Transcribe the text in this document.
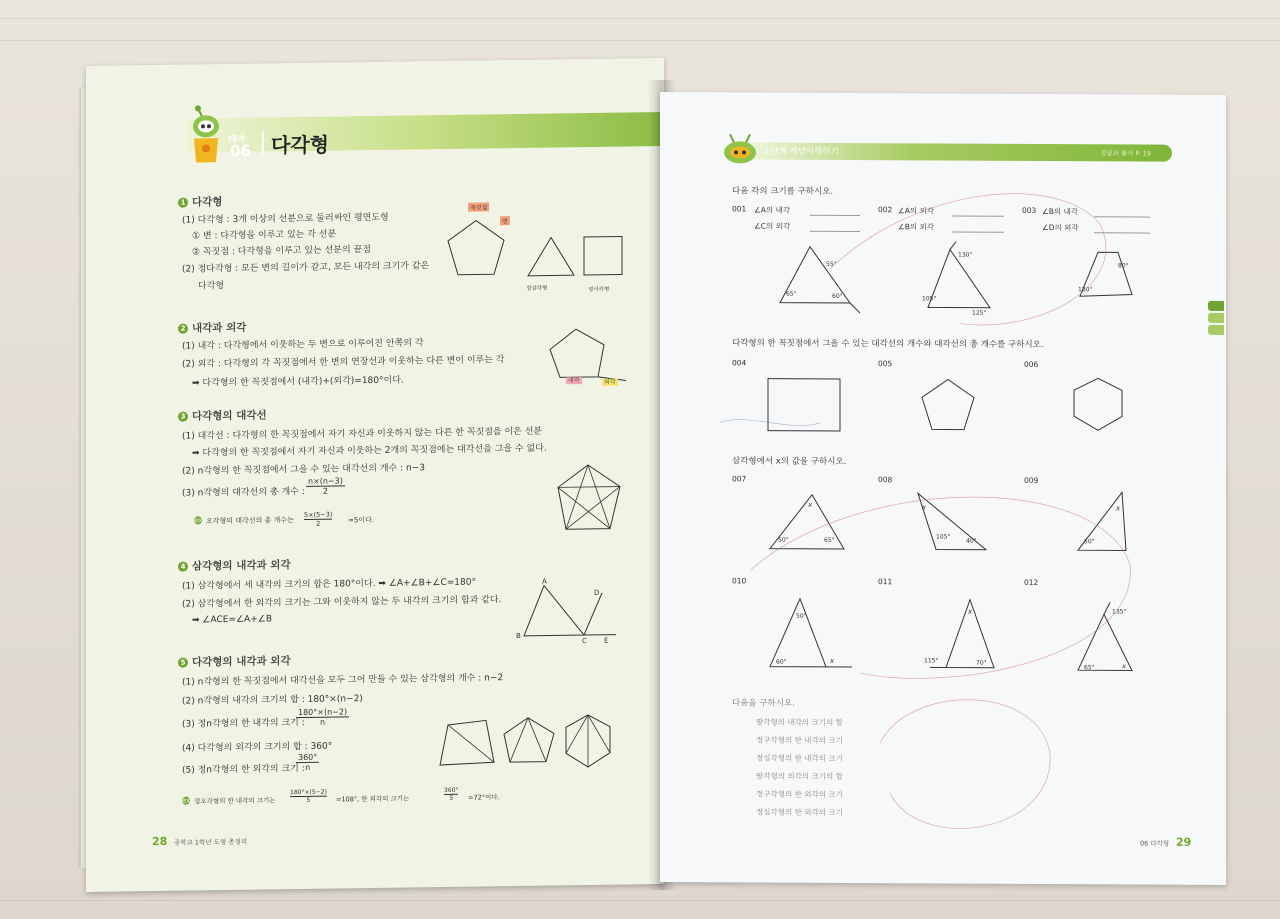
테마
06 다각형
1 다각형
(1) 다각형 : 3개 이상의 선분으로 둘러싸인 평면도형
① 변 : 다각형을 이루고 있는 각 선분
② 꼭짓점 : 다각형을 이루고 있는 선분의 끝점
(2) 정다각형 : 모든 변의 길이가 같고, 모든 내각의 크기가 같은
다각형
꼭짓점
변
정삼각형	정사각형
2 내각과 외각
(1) 내각 : 다각형에서 이웃하는 두 변으로 이루어진 안쪽의 각
(2) 외각 : 다각형의 각 꼭짓점에서 한 변의 연장선과 이웃하는 다른 변이 이루는 각
➡ 다각형의 한 꼭짓점에서 (내각)+(외각)=180°이다.	내각	외각
3 다각형의 대각선
(1) 대각선 : 다각형의 한 꼭짓점에서 자기 자신과 이웃하지 않는 다른 한 꼭짓점을 이은 선분
➡ 다각형의 한 꼭짓점에서 자기 자신과 이웃하는 2개의 꼭짓점에는 대각선을 그을 수 없다.
(2) n각형의 한 꼭짓점에서 그을 수 있는 대각선의 개수 : n−3
(3) n각형의 대각선의 총 개수 :
n×(n−3)
2
ex 오각형의 대각선의 총 개수는
5×(5−3)
2	=5이다.
4 삼각형의 내각과 외각
(1) 삼각형에서 세 내각의 크기의 합은 180°이다. ➡ ∠A+∠B+∠C=180°
(2) 삼각형에서 한 외각의 크기는 그와 이웃하지 않는 두 내각의 크기의 합과 같다.
➡ ∠ACE=∠A+∠B
A
B
C
D
E
5 다각형의 내각과 외각
(1) n각형의 한 꼭짓점에서 대각선을 모두 그어 만들 수 있는 삼각형의 개수 : n−2
(2) n각형의 내각의 크기의 합 : 180°×(n−2)
(3) 정n각형의 한 내각의 크기 :
180°×(n−2)
n
(4) 다각형의 외각의 크기의 합 : 360°
(5) 정n각형의 한 외각의 크기 :
360°
n
ex 정오각형의 한 내각의 크기는
180°×(5−2)
5	=108°, 한 외각의 크기는
360°
5	=72°이다.
28 중학교 1학년 도형 총정리
1단계 개념이해하기	정답과 풀이 P. 19
다음 각의 크기를 구하시오.
001 ∠A의 내각
∠C의 외각
002 ∠A의 외각
∠B의 외각
003 ∠B의 내각
∠D의 외각
55°
65°	60°
130°
105°
125°
80°
120°
다각형의 한 꼭짓점에서 그을 수 있는 대각선의 개수와 대각선의 총 개수를 구하시오.
004	005	006
삼각형에서 x의 값을 구하시오.
007	008	009
50°	65°
x
105°
40°
x
50°
x
010	011	012
50°
60°	x	115°	70°
x	135°
65°	x
다음을 구하시오.
팔각형의 내각의 크기의 합
정구각형의 한 내각의 크기
정십각형의 한 내각의 크기
팔각형의 외각의 크기의 합
정구각형의 한 외각의 크기
정십각형의 한 외각의 크기
06 다각형 29
